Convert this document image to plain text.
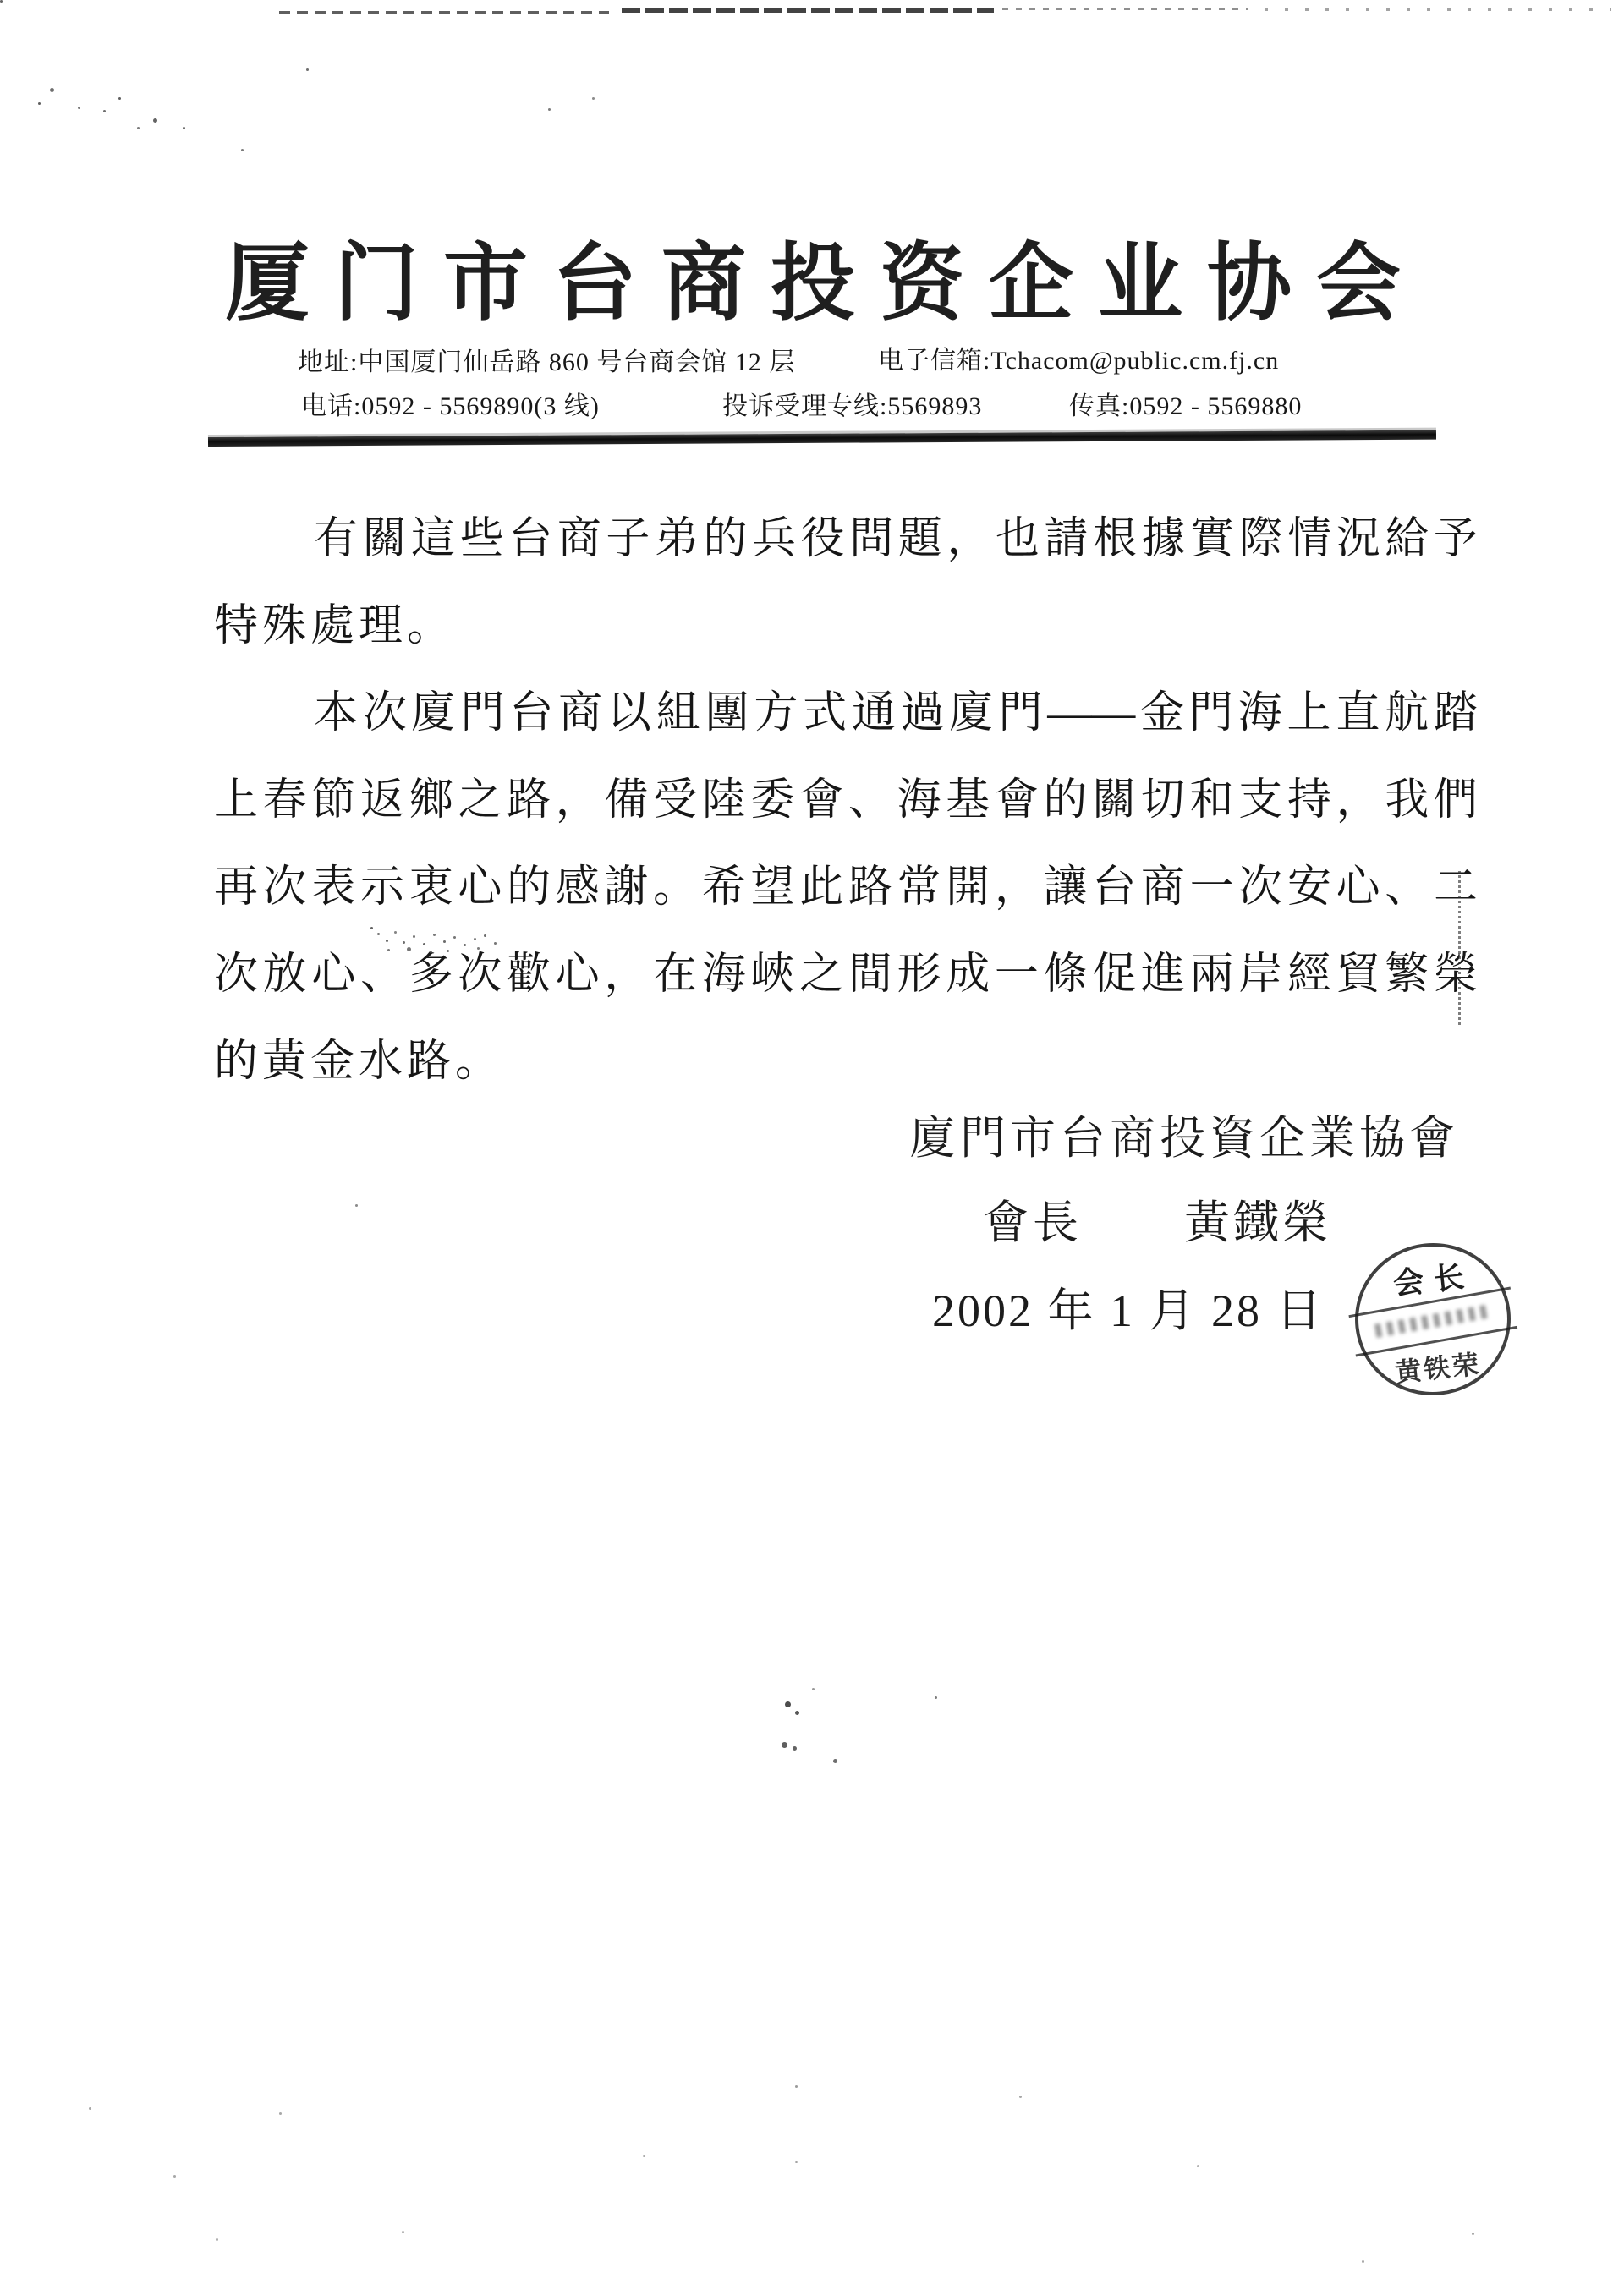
厦门市台商投资企业协会
地址:中国厦门仙岳路 860 号台商会馆 12 层	电子信箱:Tchacom@public.cm.fj.cn
电话:0592 - 5569890(3 线)	投诉受理专线:5569893	传真:0592 - 5569880
有關這些台商子弟的兵役問題，也請根據實際情況給予
特殊處理。
本次廈門台商以組團方式通過廈門——金門海上直航踏
上春節返鄉之路，備受陸委會、海基會的關切和支持，我們
再次表示衷心的感謝。希望此路常開，讓台商一次安心、二
次放心、多次歡心，在海峽之間形成一條促進兩岸經貿繁榮
的黃金水路。
廈門市台商投資企業協會
會長 黃鐵榮
2002 年 1 月 28 日
会长
黄铁荣
